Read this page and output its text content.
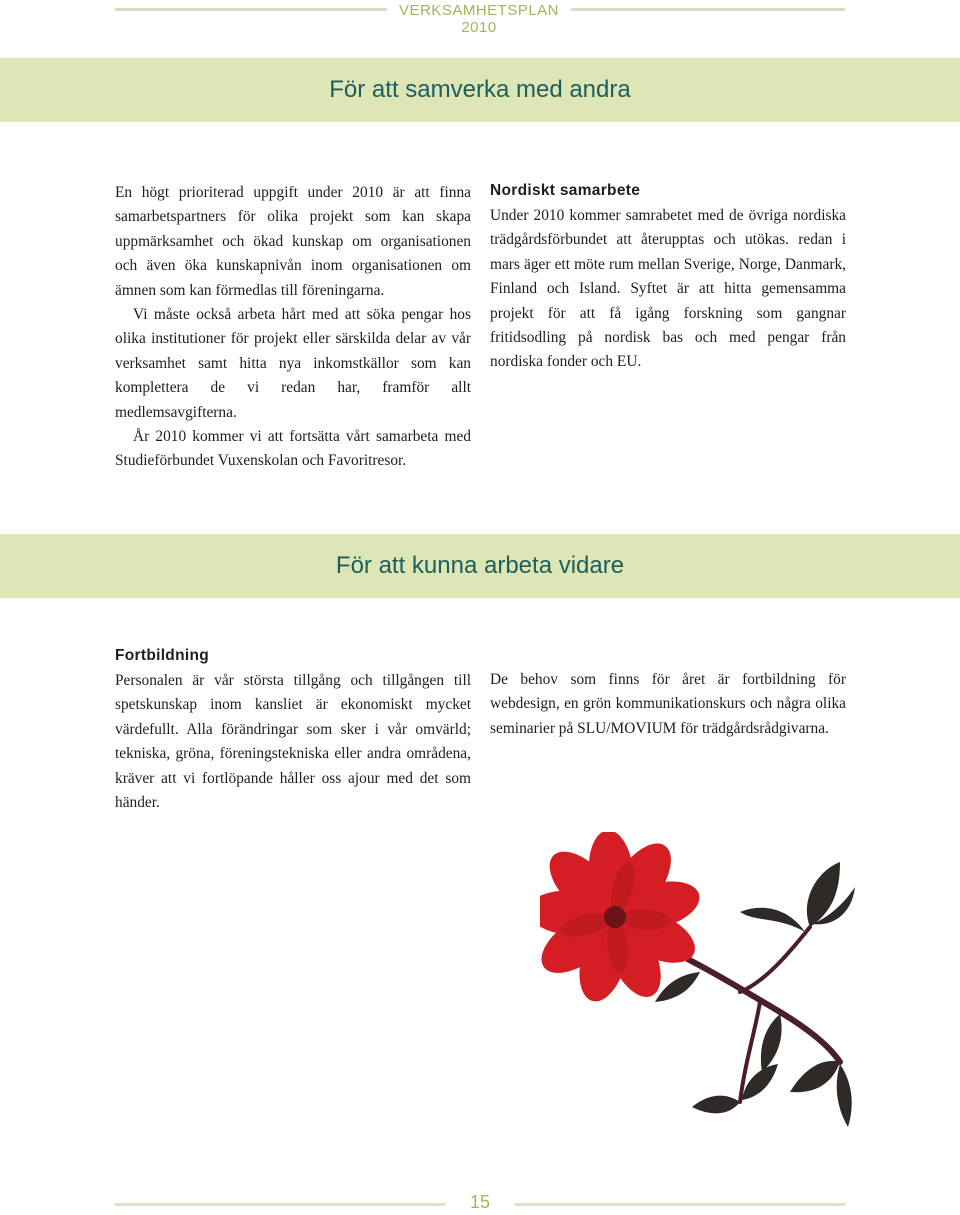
VERKSAMHETSPLAN 2010
För att samverka med andra

En högt prioriterad uppgift under 2010 är att finna samarbetspartners för olika projekt som kan skapa uppmärksamhet och ökad kunskap om organisationen och även öka kunskapnivån inom organisationen om ämnen som kan förmedlas till föreningarna.

Vi måste också arbeta hårt med att söka pengar hos olika institutioner för projekt eller särskilda delar av vår verksamhet samt hitta nya inkomstkällor som kan komplettera de vi redan har, framför allt medlemsavgifterna.

År 2010 kommer vi att fortsätta vårt samarbeta med Studieförbundet Vuxenskolan och Favoritresor.

Nordiskt samarbete

Under 2010 kommer samrabetet med de övriga nordiska trädgårdsförbundet att återupptas och utökas. redan i mars äger ett möte rum mellan Sverige, Norge, Danmark, Finland och Island. Syftet är att hitta gemensamma projekt för att få igång forskning som gangnar fritidsodling på nordisk bas och med pengar från nordiska fonder och EU.

För att kunna arbeta vidare
Fortbildning

Personalen är vår största tillgång och tillgången till spetskunskap inom kansliet är ekonomiskt mycket värdefullt. Alla förändringar som sker i vår omvärld; tekniska, gröna, föreningstekniska eller andra områdena, kräver att vi fortlöpande håller oss ajour med det som händer.

De behov som finns för året är fortbildning för webdesign, en grön kommunikationskurs och några olika seminarier på SLU/MOVIUM för trädgårdsrådgivarna.

15
